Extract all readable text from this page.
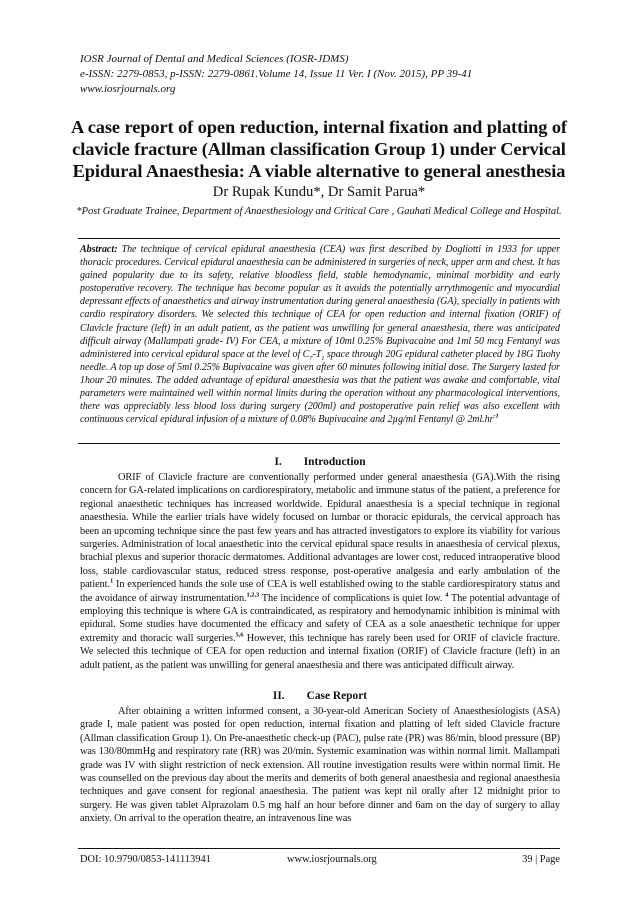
IOSR Journal of Dental and Medical Sciences (IOSR-JDMS)
e-ISSN: 2279-0853, p-ISSN: 2279-0861.Volume 14, Issue 11 Ver. I (Nov. 2015), PP 39-41
www.iosrjournals.org
A case report of open reduction, internal fixation and platting of clavicle fracture (Allman classification Group 1) under Cervical Epidural Anaesthesia: A viable alternative to general anesthesia
Dr Rupak Kundu*, Dr Samit Parua*
*Post Graduate Trainee, Department of Anaesthesiology and Critical Care , Gauhati Medical College and Hospital.
Abstract: The technique of cervical epidural anaesthesia (CEA) was first described by Dogliotti in 1933 for upper thoracic procedures. Cervical epidural anaesthesia can be administered in surgeries of neck, upper arm and chest. It has gained popularity due to its safety, relative bloodless field, stable hemodynamic, minimal morbidity and early postoperative recovery. The technique has become popular as it avoids the potentially arrythmogenic and myocardial depressant effects of anaesthetics and airway instrumentation during general anaesthesia (GA), specially in patients with cardio respiratory disorders. We selected this technique of CEA for open reduction and internal fixation (ORIF) of Clavicle fracture (left) in an adult patient, as the patient was unwilling for general anaesthesia, there was anticipated difficult airway (Mallampati grade- IV) For CEA, a mixture of 10ml 0.25% Bupivacaine and 1ml 50 mcg Fentanyl was administered into cervical epidural space at the level of $C_7-T_1$ space through 20G epidural catheter placed by 18G Tuohy needle. A top up dose of 5ml 0.25% Bupivacaine was given after 60 minutes following initial dose. The Surgery lasted for 1hour 20 minutes. The added advantage of epidural anaesthesia was that the patient was awake and comfortable, vital parameters were maintained well within normal limits during the operation without any pharmacological interventions, there was appreciably less blood loss during surgery (200ml) and postoperative pain relief was also excellent with continuous cervical epidural infusion of a mixture of 0.08% Bupivacaine and 2µg/ml Fentanyl @ $2ml.hr^{-1}$
I. Introduction
ORIF of Clavicle fracture are conventionally performed under general anaesthesia (GA).With the rising concern for GA-related implications on cardiorespiratory, metabolic and immune status of the patient, a preference for regional anaesthetic techniques has increased worldwide. Epidural anaesthesia is a special technique in regional anaesthesia. While the earlier trials have widely focused on lumbar or thoracic epidurals, the cervical approach has been an upcoming technique since the past few years and has attracted investigators to explore its viability for various surgeries. Administration of local anaesthetic into the cervical epidural space results in anaesthesia of cervical plexus, brachial plexus and superior thoracic dermatomes. Additional advantages are lower cost, reduced intraoperative blood loss, stable cardiovascular status, reduced stress response, post-operative analgesia and early ambulation of the patient.$^1$ In experienced hands the sole use of CEA is well established owing to the stable cardiorespiratory status and the avoidance of airway instrumentation.$^{1,2,3}$ The incidence of complications is quiet low. $^4$ The potential advantage of employing this technique is where GA is contraindicated, as respiratory and hemodynamic inhibition is minimal with epidural. Some studies have documented the efficacy and safety of CEA as a sole anaesthetic technique for upper extremity and thoracic wall surgeries.$^{5,6}$ However, this technique has rarely been used for ORIF of clavicle fracture. We selected this technique of CEA for open reduction and internal fixation (ORIF) of Clavicle fracture (left) in an adult patient, as the patient was unwilling for general anaesthesia and there was anticipated difficult airway.
II. Case Report
After obtaining a written informed consent, a 30-year-old American Society of Anaesthesiologists (ASA) grade I, male patient was posted for open reduction, internal fixation and platting of left sided Clavicle fracture (Allman classification Group 1). On Pre-anaesthetic check-up (PAC), pulse rate (PR) was 86/min, blood pressure (BP) was 130/80mmHg and respiratory rate (RR) was 20/min. Systemic examination was within normal limit. Mallampati grade was IV with slight restriction of neck extension. All routine investigation results were within normal limit. He was counselled on the previous day about the merits and demerits of both general anaesthesia and regional anaesthesia techniques and gave consent for regional anaesthesia. The patient was kept nil orally after 12 midnight prior to surgery. He was given tablet Alprazolam 0.5 mg half an hour before dinner and 6am on the day of surgery to allay anxiety. On arrival to the operation theatre, an intravenous line was
DOI: 10.9790/0853-141113941	www.iosrjournals.org	39 | Page
